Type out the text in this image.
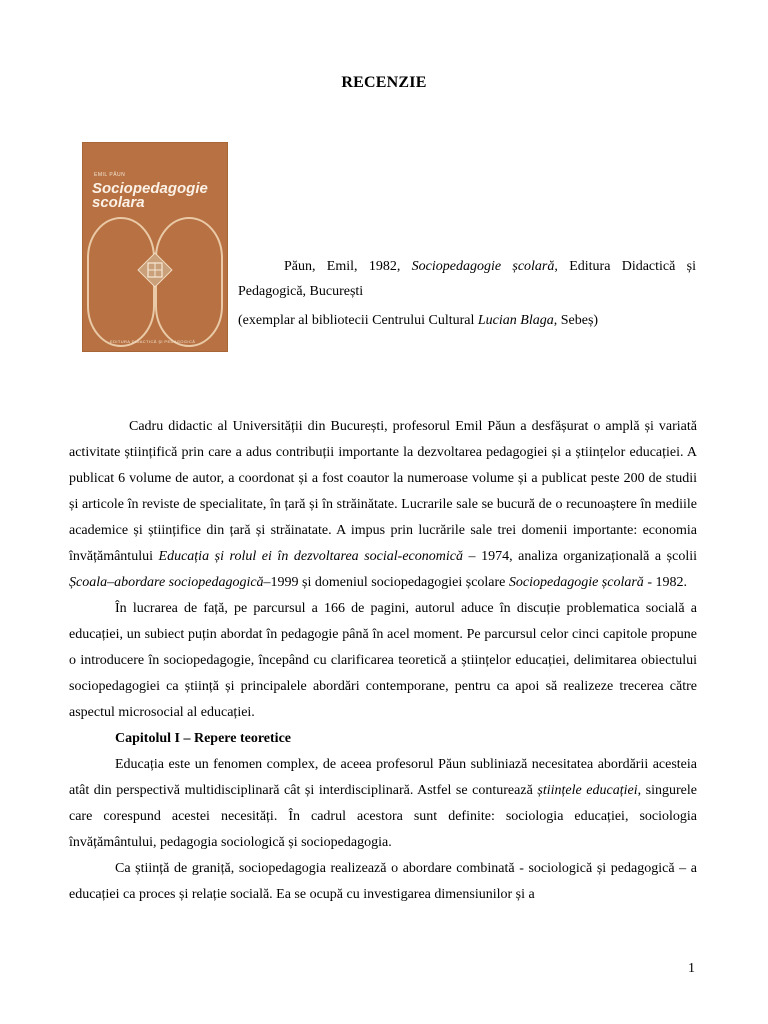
RECENZIE
EMIL PĂUN
Sociopedagogie
scolara
EDITURA DIDACTICĂ ŞI PEDAGOGICĂ
Păun, Emil, 1982, Sociopedagogie școlară, Editura Didactică și Pedagogică, București
(exemplar al bibliotecii Centrului Cultural Lucian Blaga, Sebeș)

Cadru didactic al Universității din București, profesorul Emil Păun a desfășurat o amplă și variată activitate științifică prin care a adus contribuții importante la dezvoltarea pedagogiei și a științelor educației. A publicat 6 volume de autor, a coordonat și a fost coautor la numeroase volume și a publicat peste 200 de studii și articole în reviste de specialitate, în țară și în străinătate. Lucrarile sale se bucură de o recunoaștere în mediile academice și științifice din țară și străinatate. A impus prin lucrările sale trei domenii importante: economia învățământului Educația și rolul ei în dezvoltarea social-economică – 1974, analiza organizațională a școlii Școala–abordare sociopedagogică–1999 și domeniul sociopedagogiei școlare Sociopedagogie școlară - 1982.

În lucrarea de față, pe parcursul a 166 de pagini, autorul aduce în discuție problematica socială a educației, un subiect puțin abordat în pedagogie până în acel moment. Pe parcursul celor cinci capitole propune o introducere în sociopedagogie, începând cu clarificarea teoretică a științelor educației, delimitarea obiectului sociopedagogiei ca știință și principalele abordări contemporane, pentru ca apoi să realizeze trecerea către aspectul microsocial al educației.

Capitolul I – Repere teoretice

Educația este un fenomen complex, de aceea profesorul Păun subliniază necesitatea abordării acesteia atât din perspectivă multidisciplinară cât și interdisciplinară. Astfel se conturează științele educației, singurele care corespund acestei necesități. În cadrul acestora sunt definite: sociologia educației, sociologia învățământului, pedagogia sociologică și sociopedagogia.

Ca știință de graniță, sociopedagogia realizează o abordare combinată - sociologică și pedagogică – a educației ca proces și relație socială. Ea se ocupă cu investigarea dimensiunilor și a

1
